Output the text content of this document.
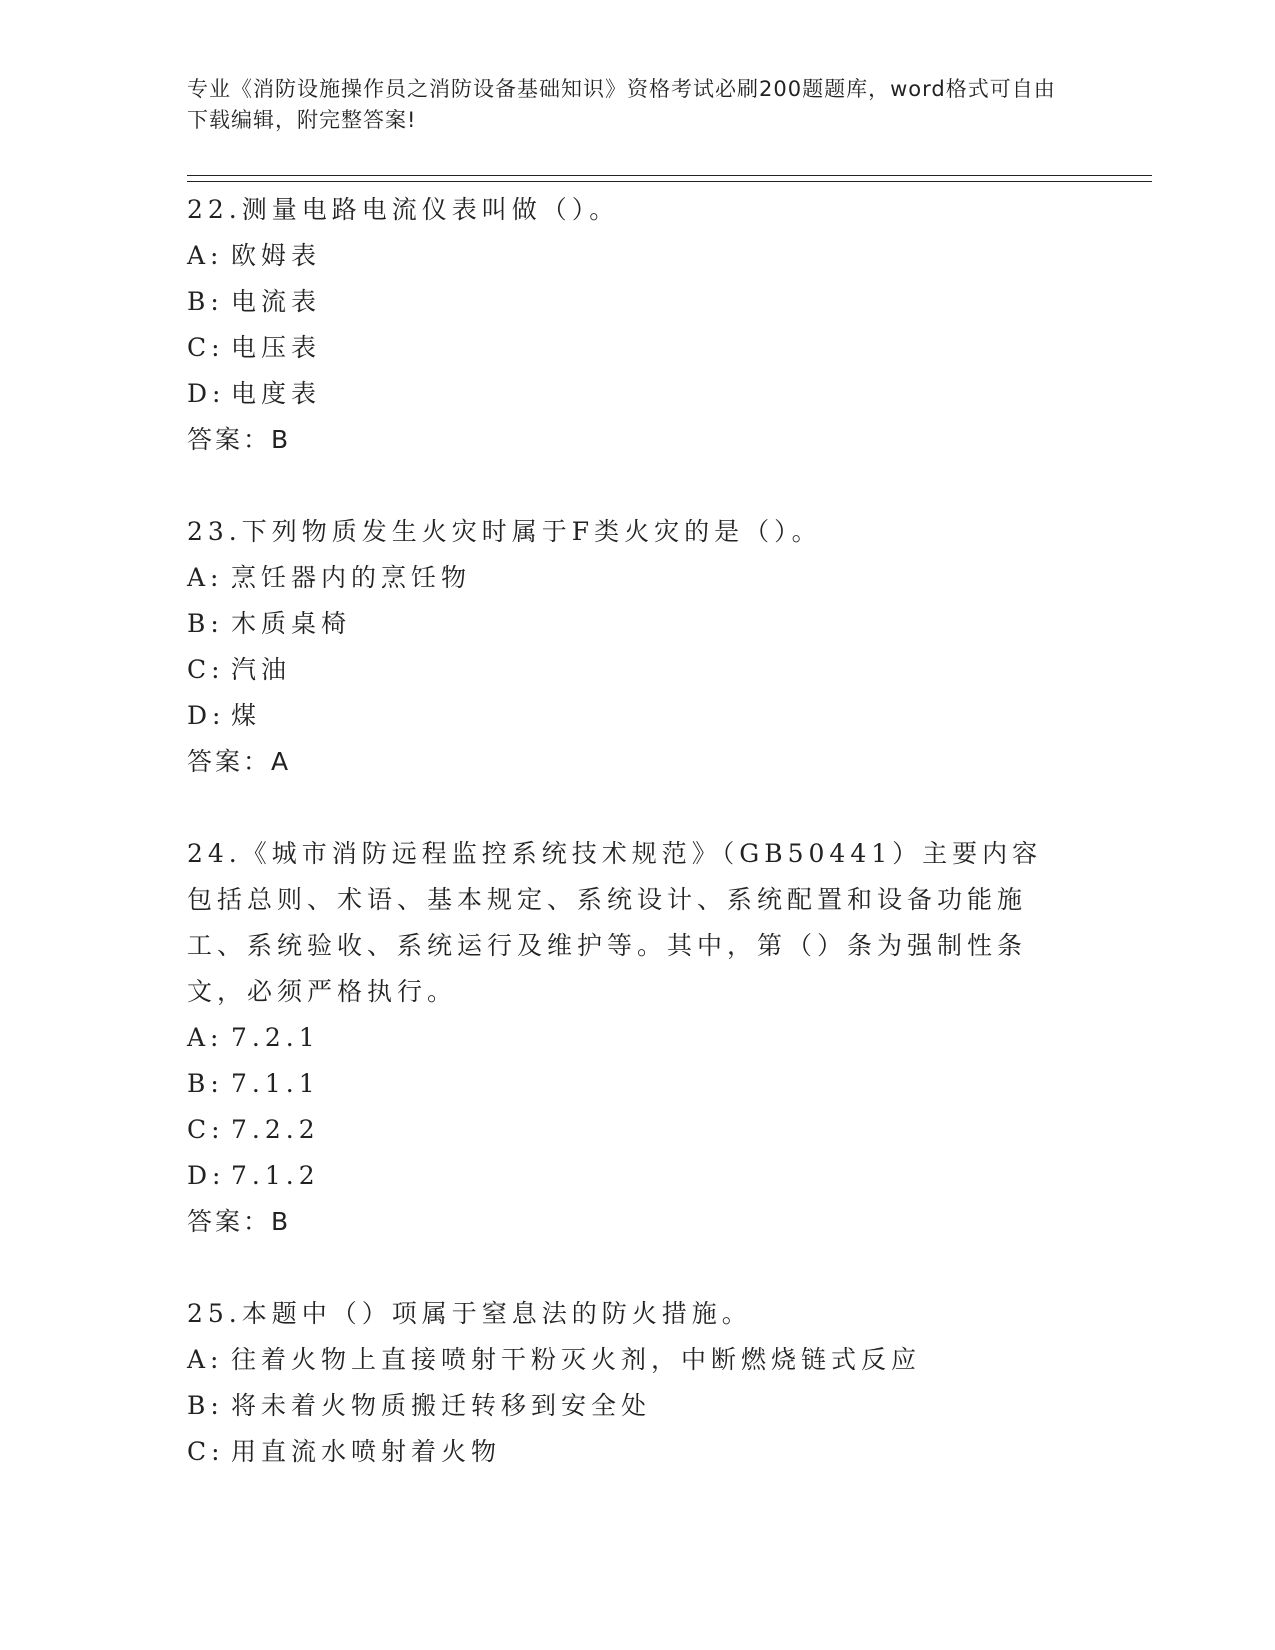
专业《消防设施操作员之消防设备基础知识》资格考试必刷200题题库，word格式可自由下载编辑，附完整答案!

22.测量电路电流仪表叫做（）。

A: 欧姆表

B: 电流表

C: 电压表

D: 电度表

答案：B

23.下列物质发生火灾时属于F类火灾的是（）。

A: 烹饪器内的烹饪物

B: 木质桌椅

C: 汽油

D: 煤

答案：A

24.《城市消防远程监控系统技术规范》（GB50441）主要内容包括总则、术语、基本规定、系统设计、系统配置和设备功能施工、系统验收、系统运行及维护等。其中，第（）条为强制性条文，必须严格执行。

A: 7.2.1

B: 7.1.1

C: 7.2.2

D: 7.1.2

答案：B

25.本题中（）项属于窒息法的防火措施。

A: 往着火物上直接喷射干粉灭火剂，中断燃烧链式反应

B: 将未着火物质搬迁转移到安全处

C: 用直流水喷射着火物
